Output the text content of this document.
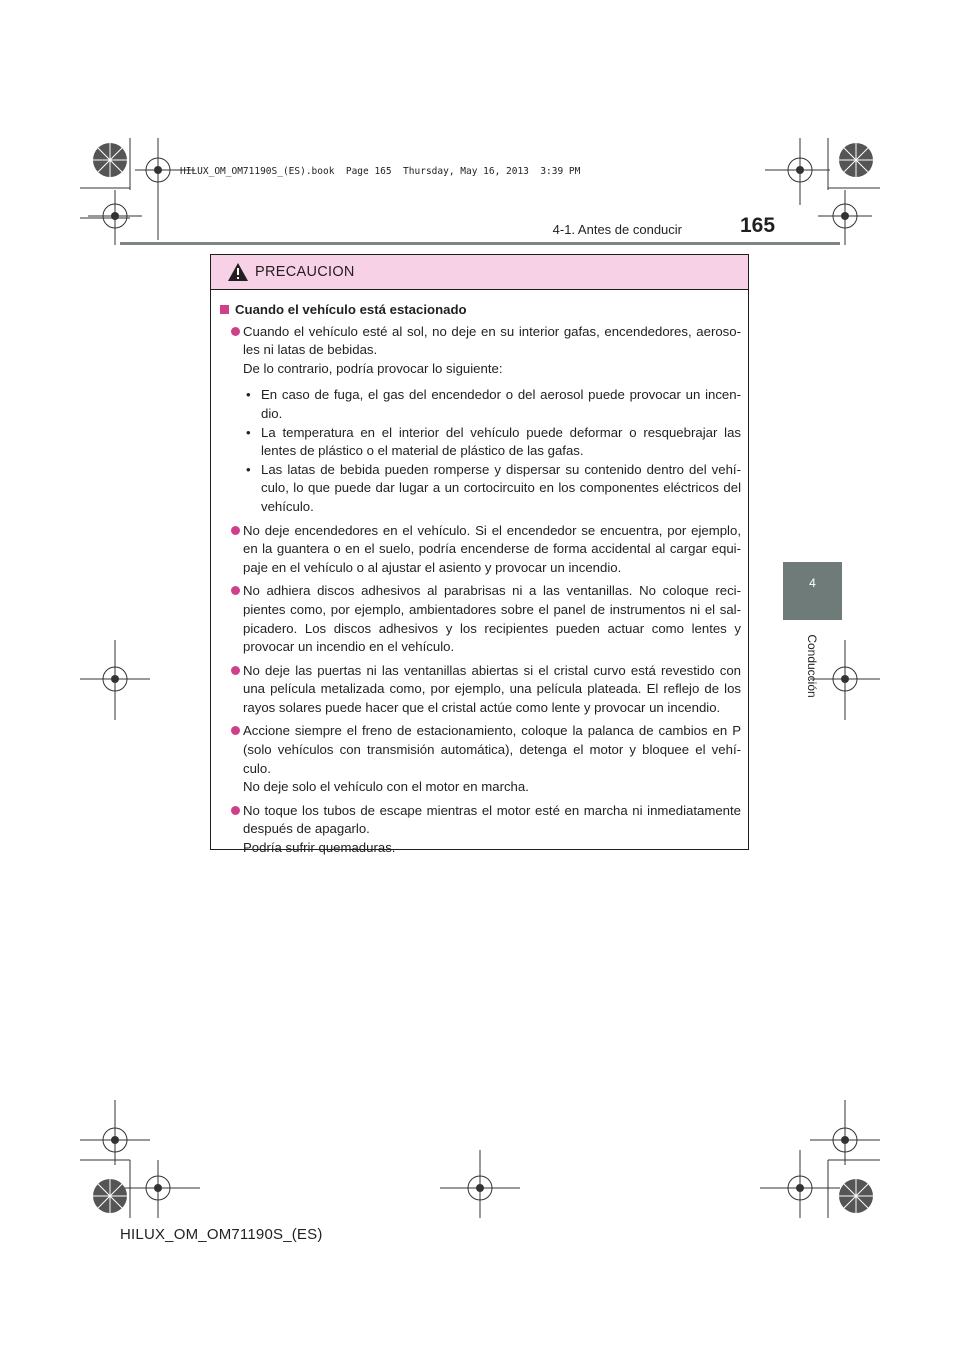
HILUX_OM_OM71190S_(ES).book  Page 165  Thursday, May 16, 2013  3:39 PM
4-1. Antes de conducir	165
4
Conducción
PRECAUCION
Cuando el vehículo está estacionado
Cuando el vehículo esté al sol, no deje en su interior gafas, encendedores, aeroso- les ni latas de bebidas.
De lo contrario, podría provocar lo siguiente:
• En caso de fuga, el gas del encendedor o del aerosol puede provocar un incen- dio.
• La temperatura en el interior del vehículo puede deformar o resquebrajar las lentes de plástico o el material de plástico de las gafas.
• Las latas de bebida pueden romperse y dispersar su contenido dentro del vehí- culo, lo que puede dar lugar a un cortocircuito en los componentes eléctricos del vehículo.
No deje encendedores en el vehículo. Si el encendedor se encuentra, por ejemplo, en la guantera o en el suelo, podría encenderse de forma accidental al cargar equi- paje en el vehículo o al ajustar el asiento y provocar un incendio.
No adhiera discos adhesivos al parabrisas ni a las ventanillas. No coloque reci- pientes como, por ejemplo, ambientadores sobre el panel de instrumentos ni el sal- picadero. Los discos adhesivos y los recipientes pueden actuar como lentes y provocar un incendio en el vehículo.
No deje las puertas ni las ventanillas abiertas si el cristal curvo está revestido con una película metalizada como, por ejemplo, una película plateada. El reflejo de los rayos solares puede hacer que el cristal actúe como lente y provocar un incendio.
Accione siempre el freno de estacionamiento, coloque la palanca de cambios en P (solo vehículos con transmisión automática), detenga el motor y bloquee el vehí- culo.
No deje solo el vehículo con el motor en marcha.
No toque los tubos de escape mientras el motor esté en marcha ni inmediatamente después de apagarlo.
Podría sufrir quemaduras.
HILUX_OM_OM71190S_(ES)
